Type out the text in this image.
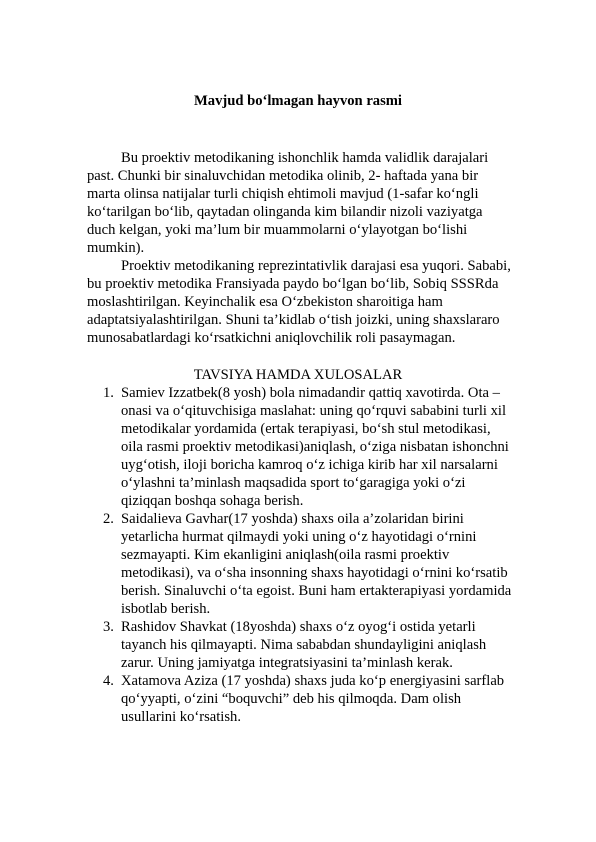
Mavjud bo‘lmagan hayvon rasmi
Bu proektiv metodikaning ishonchlik hamda validlik darajalari
past. Chunki bir sinaluvchidan metodika olinib, 2- haftada yana bir
marta olinsa natijalar turli chiqish ehtimoli mavjud (1-safar ko‘ngli
ko‘tarilgan bo‘lib, qaytadan olinganda kim bilandir nizoli vaziyatga
duch kelgan, yoki ma’lum bir muammolarni o‘ylayotgan bo‘lishi
mumkin).
Proektiv metodikaning reprezintativlik darajasi esa yuqori. Sababi,
bu proektiv metodika Fransiyada paydo bo‘lgan bo‘lib, Sobiq SSSRda
moslashtirilgan. Keyinchalik esa O‘zbekiston sharoitiga ham
adaptatsiyalashtirilgan. Shuni ta’kidlab o‘tish joizki, uning shaxslararo
munosabatlardagi ko‘rsatkichni aniqlovchilik roli pasaymagan.
TAVSIYA HAMDA XULOSALAR
1. Samiev Izzatbek(8 yosh) bola nimadandir qattiq xavotirda. Ota –
onasi va o‘qituvchisiga maslahat: uning qo‘rquvi sababini turli xil
metodikalar yordamida (ertak terapiyasi, bo‘sh stul metodikasi,
oila rasmi proektiv metodikasi)aniqlash, o‘ziga nisbatan ishonchni
uyg‘otish, iloji boricha kamroq o‘z ichiga kirib har xil narsalarni
o‘ylashni ta’minlash maqsadida sport to‘garagiga yoki o‘zi
qiziqqan boshqa sohaga berish.
2. Saidalieva Gavhar(17 yoshda) shaxs oila a’zolaridan birini
yetarlicha hurmat qilmaydi yoki uning o‘z hayotidagi o‘rnini
sezmayapti. Kim ekanligini aniqlash(oila rasmi proektiv
metodikasi), va o‘sha insonning shaxs hayotidagi o‘rnini ko‘rsatib
berish. Sinaluvchi o‘ta egoist. Buni ham ertakterapiyasi yordamida
isbotlab berish.
3. Rashidov Shavkat (18yoshda) shaxs o‘z oyog‘i ostida yetarli
tayanch his qilmayapti. Nima sababdan shundayligini aniqlash
zarur. Uning jamiyatga integratsiyasini ta’minlash kerak.
4. Xatamova Aziza (17 yoshda) shaxs juda ko‘p energiyasini sarflab
qo‘yyapti, o‘zini “boquvchi” deb his qilmoqda. Dam olish
usullarini ko‘rsatish.
